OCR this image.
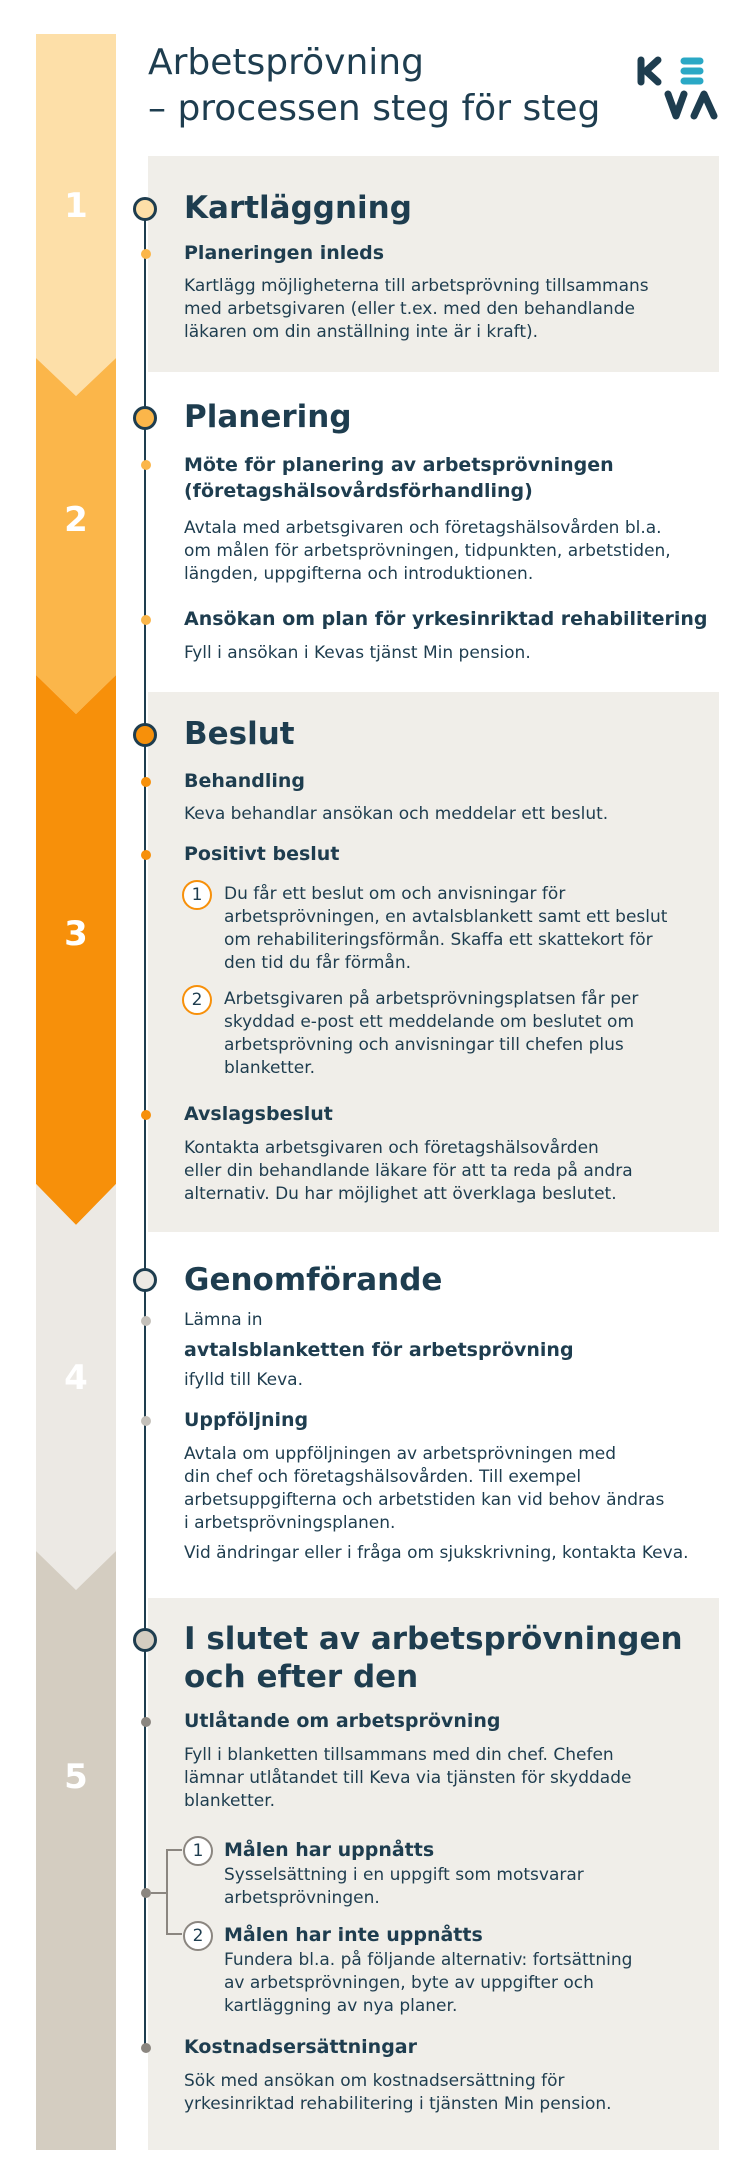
1
2
3
4
5
Arbetsprövning
– processen steg för steg
Kartläggning
Planeringen inleds
Kartlägg möjligheterna till arbetsprövning tillsammans
med arbetsgivaren (eller t.ex. med den behandlande
läkaren om din anställning inte är i kraft).
Planering
Möte för planering av arbetsprövningen
(företagshälsovårdsförhandling)
Avtala med arbetsgivaren och företagshälsovården bl.a.
om målen för arbetsprövningen, tidpunkten, arbetstiden,
längden, uppgifterna och introduktionen.
Ansökan om plan för yrkesinriktad rehabilitering
Fyll i ansökan i Kevas tjänst Min pension.
Beslut
Behandling
Keva behandlar ansökan och meddelar ett beslut.
Positivt beslut
1	Du får ett beslut om och anvisningar för
arbetsprövningen, en avtalsblankett samt ett beslut
om rehabiliteringsförmån. Skaffa ett skattekort för
den tid du får förmån.
2	Arbetsgivaren på arbetsprövningsplatsen får per
skyddad e-post ett meddelande om beslutet om
arbetsprövning och anvisningar till chefen plus
blanketter.
Avslagsbeslut
Kontakta arbetsgivaren och företagshälsovården
eller din behandlande läkare för att ta reda på andra
alternativ. Du har möjlighet att överklaga beslutet.
Genomförande
Lämna in
avtalsblanketten för arbetsprövning
ifylld till Keva.
Uppföljning
Avtala om uppföljningen av arbetsprövningen med
din chef och företagshälsovården. Till exempel
arbetsuppgifterna och arbetstiden kan vid behov ändras
i arbetsprövningsplanen.
Vid ändringar eller i fråga om sjukskrivning, kontakta Keva.
I slutet av arbetsprövningen
och efter den
Utlåtande om arbetsprövning
Fyll i blanketten tillsammans med din chef. Chefen
lämnar utlåtandet till Keva via tjänsten för skyddade
blanketter.
1	Målen har uppnåtts
Sysselsättning i en uppgift som motsvarar
arbetsprövningen.
2	Målen har inte uppnåtts
Fundera bl.a. på följande alternativ: fortsättning
av arbetsprövningen, byte av uppgifter och
kartläggning av nya planer.
Kostnadsersättningar
Sök med ansökan om kostnadsersättning för
yrkesinriktad rehabilitering i tjänsten Min pension.
